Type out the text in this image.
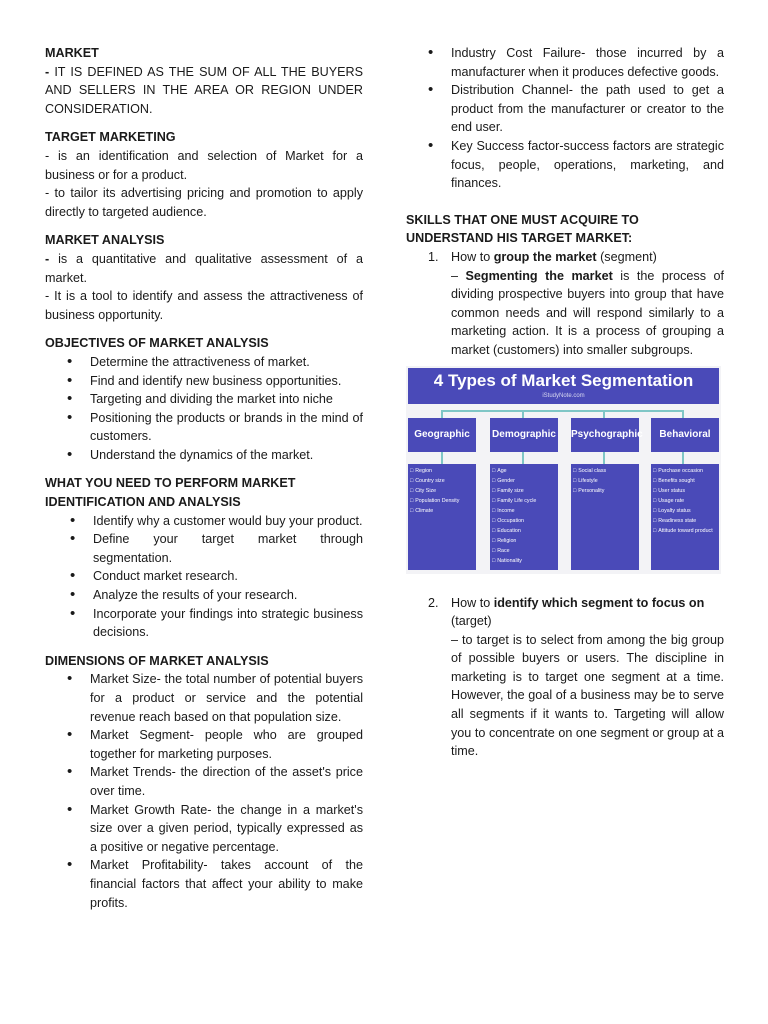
MARKET

- IT IS DEFINED AS THE SUM OF ALL THE BUYERS AND SELLERS IN THE AREA OR REGION UNDER CONSIDERATION.

TARGET MARKETING

- is an identification and selection of Market for a business or for a product.

- to tailor its advertising pricing and promotion to apply directly to targeted audience.

MARKET ANALYSIS

- is a quantitative and qualitative assessment of a market.

- It is a tool to identify and assess the attractiveness of business opportunity.

OBJECTIVES OF MARKET ANALYSIS
• Determine the attractiveness of market.
• Find and identify new business opportunities.
• Targeting and dividing the market into niche
• Positioning the products or brands in the mind of customers.
• Understand the dynamics of the market.
WHAT YOU NEED TO PERFORM MARKET IDENTIFICATION AND ANALYSIS
• Identify why a customer would buy your product.
• Define your target market through segmentation.
• Conduct market research.
• Analyze the results of your research.
• Incorporate your findings into strategic business decisions.
DIMENSIONS OF MARKET ANALYSIS
• Market Size- the total number of potential buyers for a product or service and the potential revenue reach based on that population size.
• Market Segment- people who are grouped together for marketing purposes.
• Market Trends- the direction of the asset's price over time.
• Market Growth Rate- the change in a market's size over a given period, typically expressed as a positive or negative percentage.
• Market Profitability- takes account of the financial factors that affect your ability to make profits.
• Industry Cost Failure- those incurred by a manufacturer when it produces defective goods.
• Distribution Channel- the path used to get a product from the manufacturer or creator to the end user.
• Key Success factor-success factors are strategic focus, people, operations, marketing, and finances.
SKILLS THAT ONE MUST ACQUIRE TO UNDERSTAND HIS TARGET MARKET:
1. How to group the market (segment)

– Segmenting the market is the process of dividing prospective buyers into group that have common needs and will respond similarly to a marketing action. It is a process of grouping a market (customers) into smaller subgroups.

4 Types of Market Segmentation
iStudyNote.com
Geographic	Demographic Psychographic	Behavioral
□ Region
□ Country size
□ City Size
□ Population Density
□ Climate
□ Age
□ Gender
□ Family size
□ Family Life cycle
□ Income
□ Occupation
□ Education
□ Religion
□ Race
□ Nationality
□ Social class
□ Lifestyle
□ Personality
□ Purchase occasion
□ Benefits sought
□ User status
□ Usage rate
□ Loyalty status
□ Readiness state
□ Attitude toward product
2. How to identify which segment to focus on
(target)

– to target is to select from among the big group of possible buyers or users. The discipline in marketing is to target one segment at a time. However, the goal of a business may be to serve all segments if it wants to. Targeting will allow you to concentrate on one segment or group at a time.
